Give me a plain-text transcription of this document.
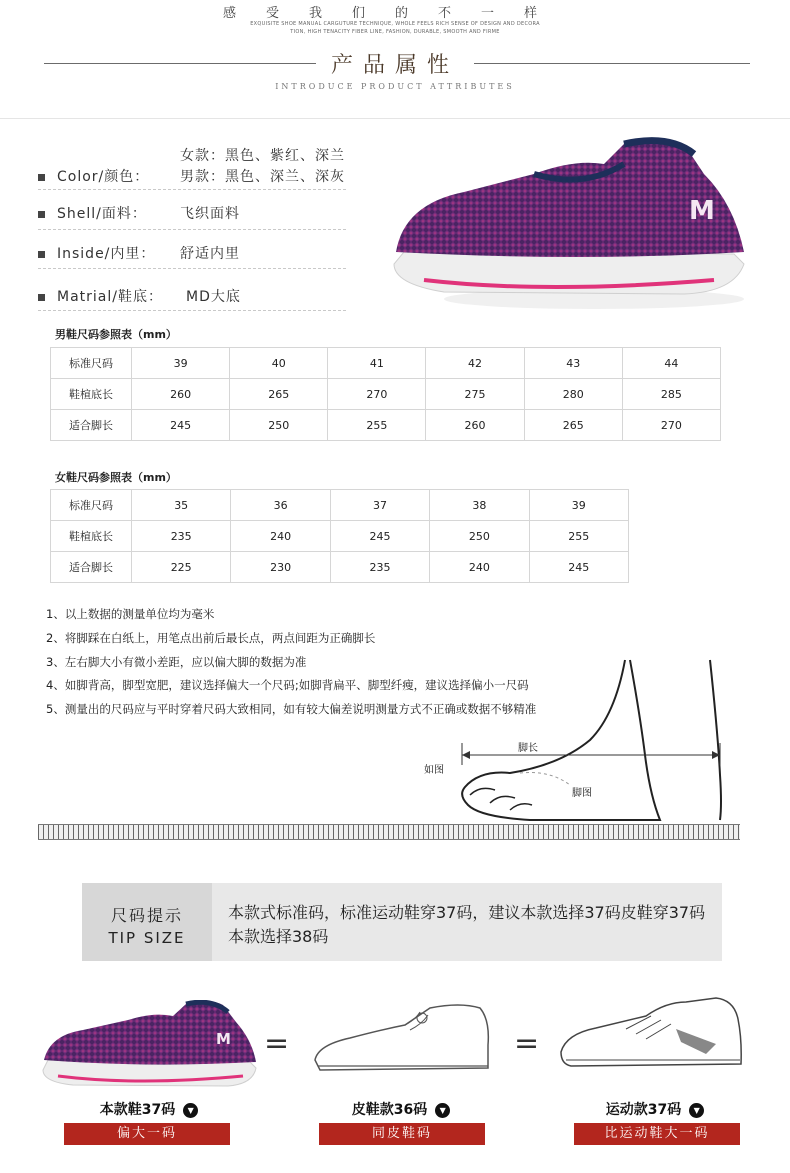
感受我们的不一样
EXQUISITE SHOE MANUAL CARGUTURE TECHNIQUE, WHOLE FEELS RICH SENSE OF DESIGN AND DECORA
TION, HIGH TENACITY FIBER LINE, FASHION, DURABLE, SMOOTH AND FIRME
产品属性
INTRODUCE PRODUCT ATTRIBUTES
女款：黑色、紫红、深兰
Color/颜色：	男款：黑色、深兰、深灰
Shell/面料：	飞织面料
Inside/内里：	舒适内里
Matrial/鞋底：	MD大底
M
男鞋尺码参照表（mm）
标准尺码	39	40	41	42	43	44
鞋楦底长	260	265	270	275	280	285
适合脚长	245	250	255	260	265	270
女鞋尺码参照表（mm）
标准尺码	35	36	37	38	39
鞋楦底长	235	240	245	250	255
适合脚长	225	230	235	240	245
1、以上数据的测量单位均为毫米
2、将脚踩在白纸上，用笔点出前后最长点，两点间距为正确脚长
3、左右脚大小有微小差距，应以偏大脚的数据为准
4、如脚背高，脚型宽肥，建议选择偏大一个尺码;如脚背扁平、脚型纤瘦，建议选择偏小一尺码
5、测量出的尺码应与平时穿着尺码大致相同，如有较大偏差说明测量方式不正确或数据不够精准
脚长
如图
脚图
尺码提示
TIP SIZE
本款式标准码，标准运动鞋穿37码，建议本款选择37码皮鞋穿37码本款选择38码
M =	=
本款鞋37码 ▼	皮鞋款36码 ▼	运动款37码 ▼
偏大一码	同皮鞋码	比运动鞋大一码
